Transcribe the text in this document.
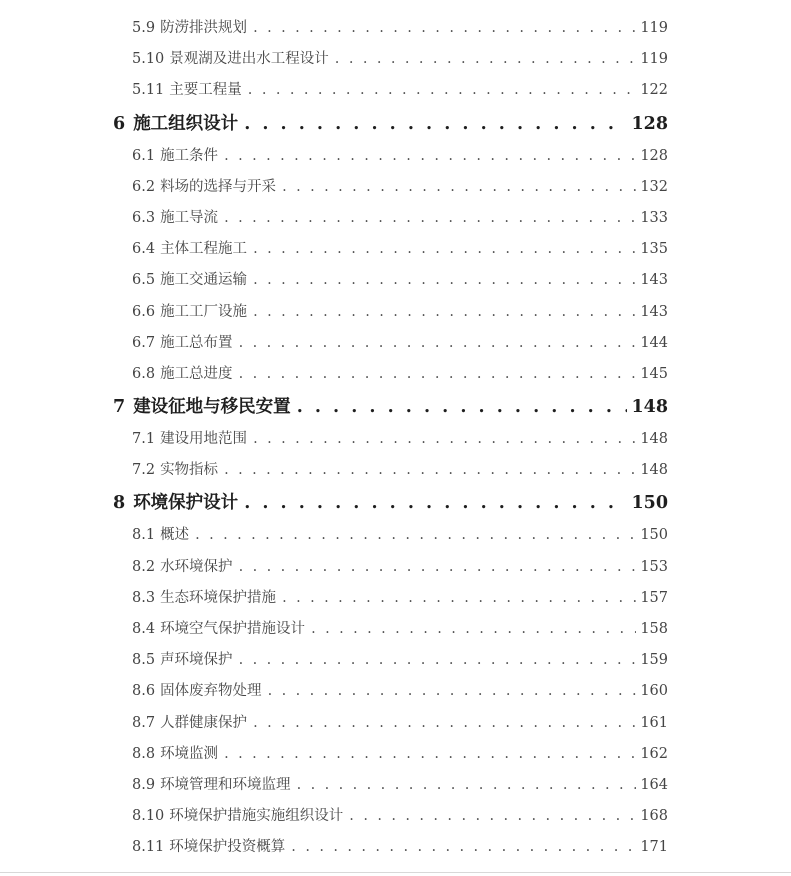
5.9 防涝排洪规划 . . .	119
5.10 景观湖及进出水工程设计 . . .	119
5.11 主要工程量 . . .	122
6 施工组织设计 . . .	128
6.1 施工条件 . . .	128
6.2 料场的选择与开采 . . .	132
6.3 施工导流 . . .	133
6.4 主体工程施工 . . .	135
6.5 施工交通运输 . . .	143
6.6 施工工厂设施 . . .	143
6.7 施工总布置 . . .	144
6.8 施工总进度 . . .	145
7 建设征地与移民安置 . . .	148
7.1 建设用地范围 . . .	148
7.2 实物指标 . . .	148
8 环境保护设计 . . .	150
8.1 概述 . . .	150
8.2 水环境保护 . . .	153
8.3 生态环境保护措施 . . .	157
8.4 环境空气保护措施设计 . . .	158
8.5 声环境保护 . . .	159
8.6 固体废弃物处理 . . .	160
8.7 人群健康保护 . . .	161
8.8 环境监测 . . .	162
8.9 环境管理和环境监理 . . .	164
8.10 环境保护措施实施组织设计 . . .	168
8.11 环境保护投资概算 . . .	171
